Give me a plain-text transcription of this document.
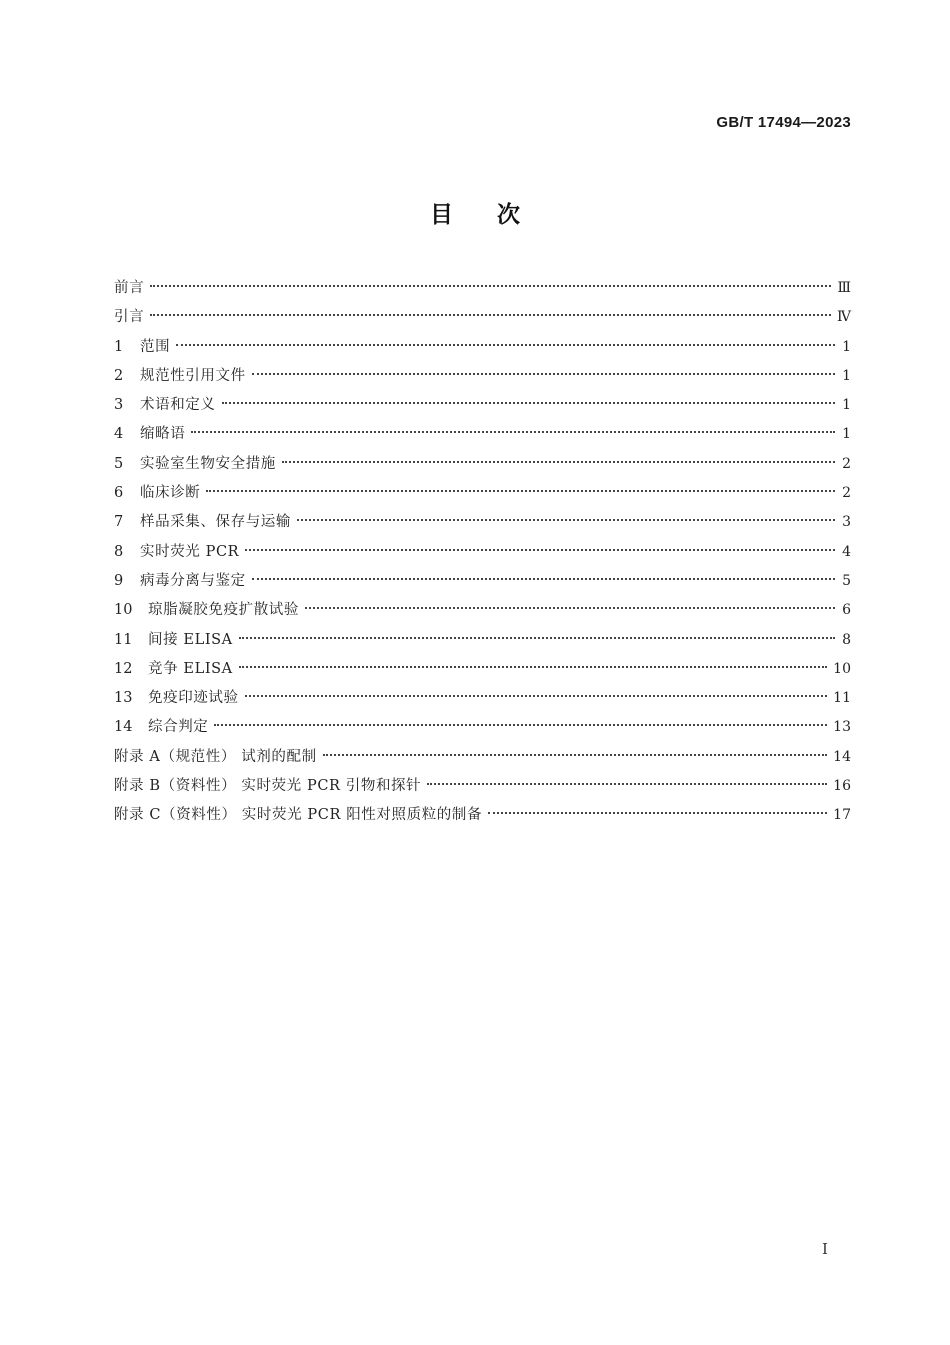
GB/T 17494—2023
目次
前言	Ⅲ
引言	Ⅳ
1	范围	1
2	规范性引用文件	1
3	术语和定义	1
4	缩略语	1
5	实验室生物安全措施	2
6	临床诊断	2
7	样品采集、保存与运输	3
8	实时荧光 PCR	4
9	病毒分离与鉴定	5
10	琼脂凝胶免疫扩散试验	6
11	间接 ELISA	8
12	竞争 ELISA	10
13	免疫印迹试验	11
14	综合判定	13
附录 A（规范性） 试剂的配制	14
附录 B（资料性） 实时荧光 PCR 引物和探针	16
附录 C（资料性） 实时荧光 PCR 阳性对照质粒的制备	17
Ⅰ
